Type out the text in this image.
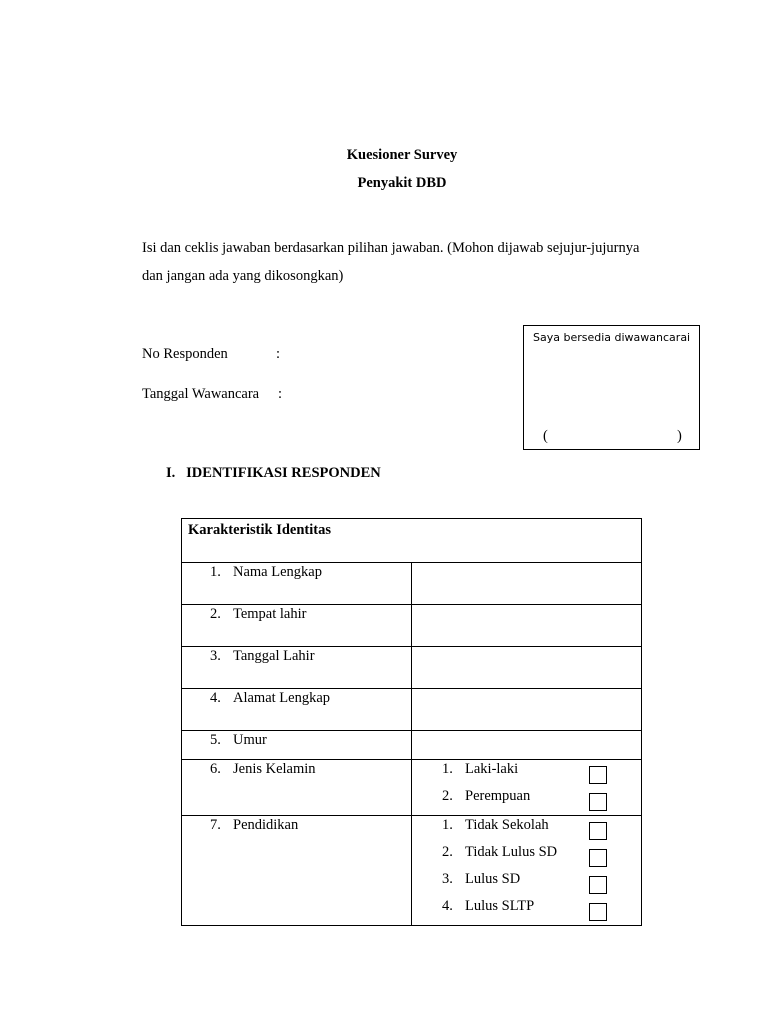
Kuesioner Survey
Penyakit DBD
Isi dan ceklis jawaban berdasarkan pilihan jawaban. (Mohon dijawab sejujur-jujurnya
dan jangan ada yang dikosongkan)
No Responden	:
Tanggal Wawancara :
Saya bersedia diwawancarai
(	)
I. IDENTIFIKASI RESPONDEN
Karakteristik Identitas	
1. Nama Lengkap	
2. Tempat lahir	
3. Tanggal Lahir	
4. Alamat Lengkap	
5. Umur	
6. Jenis Kelamin	1. Laki-laki
2. Perempuan

7. Pendidikan	1. Tidak Sekolah
2. Tidak Lulus SD
3. Lulus SD
4. Lulus SLTP
